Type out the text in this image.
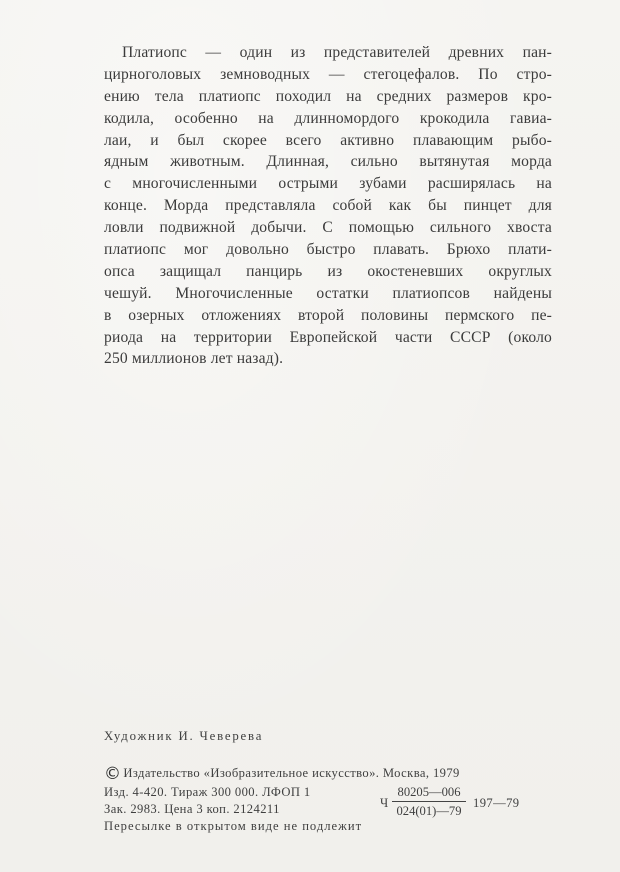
Платиопс — один из представителей древних пан-
цирноголовых земноводных — стегоцефалов. По стро-
ению тела платиопс походил на средних размеров кро-
кодила, особенно на длинномордого крокодила гавиа-
лаи, и был скорее всего активно плавающим рыбо-
ядным животным. Длинная, сильно вытянутая морда
с многочисленными острыми зубами расширялась на
конце. Морда представляла собой как бы пинцет для
ловли подвижной добычи. С помощью сильного хвоста
платиопс мог довольно быстро плавать. Брюхо плати-
опса защищал панцирь из окостеневших округлых
чешуй. Многочисленные остатки платиопсов найдены
в озерных отложениях второй половины пермского пе-
риода на территории Европейской части СССР (около
250 миллионов лет назад).
Художник И. Чеверева
© Издательство «Изобразительное искусство». Москва, 1979
Изд. 4-420. Тираж 300 000. ЛФОП 1
Зак. 2983. Цена 3 коп. 2124211
Пересылке в открытом виде не подлежит
Ч
80205—006
024(01)—79
197—79
